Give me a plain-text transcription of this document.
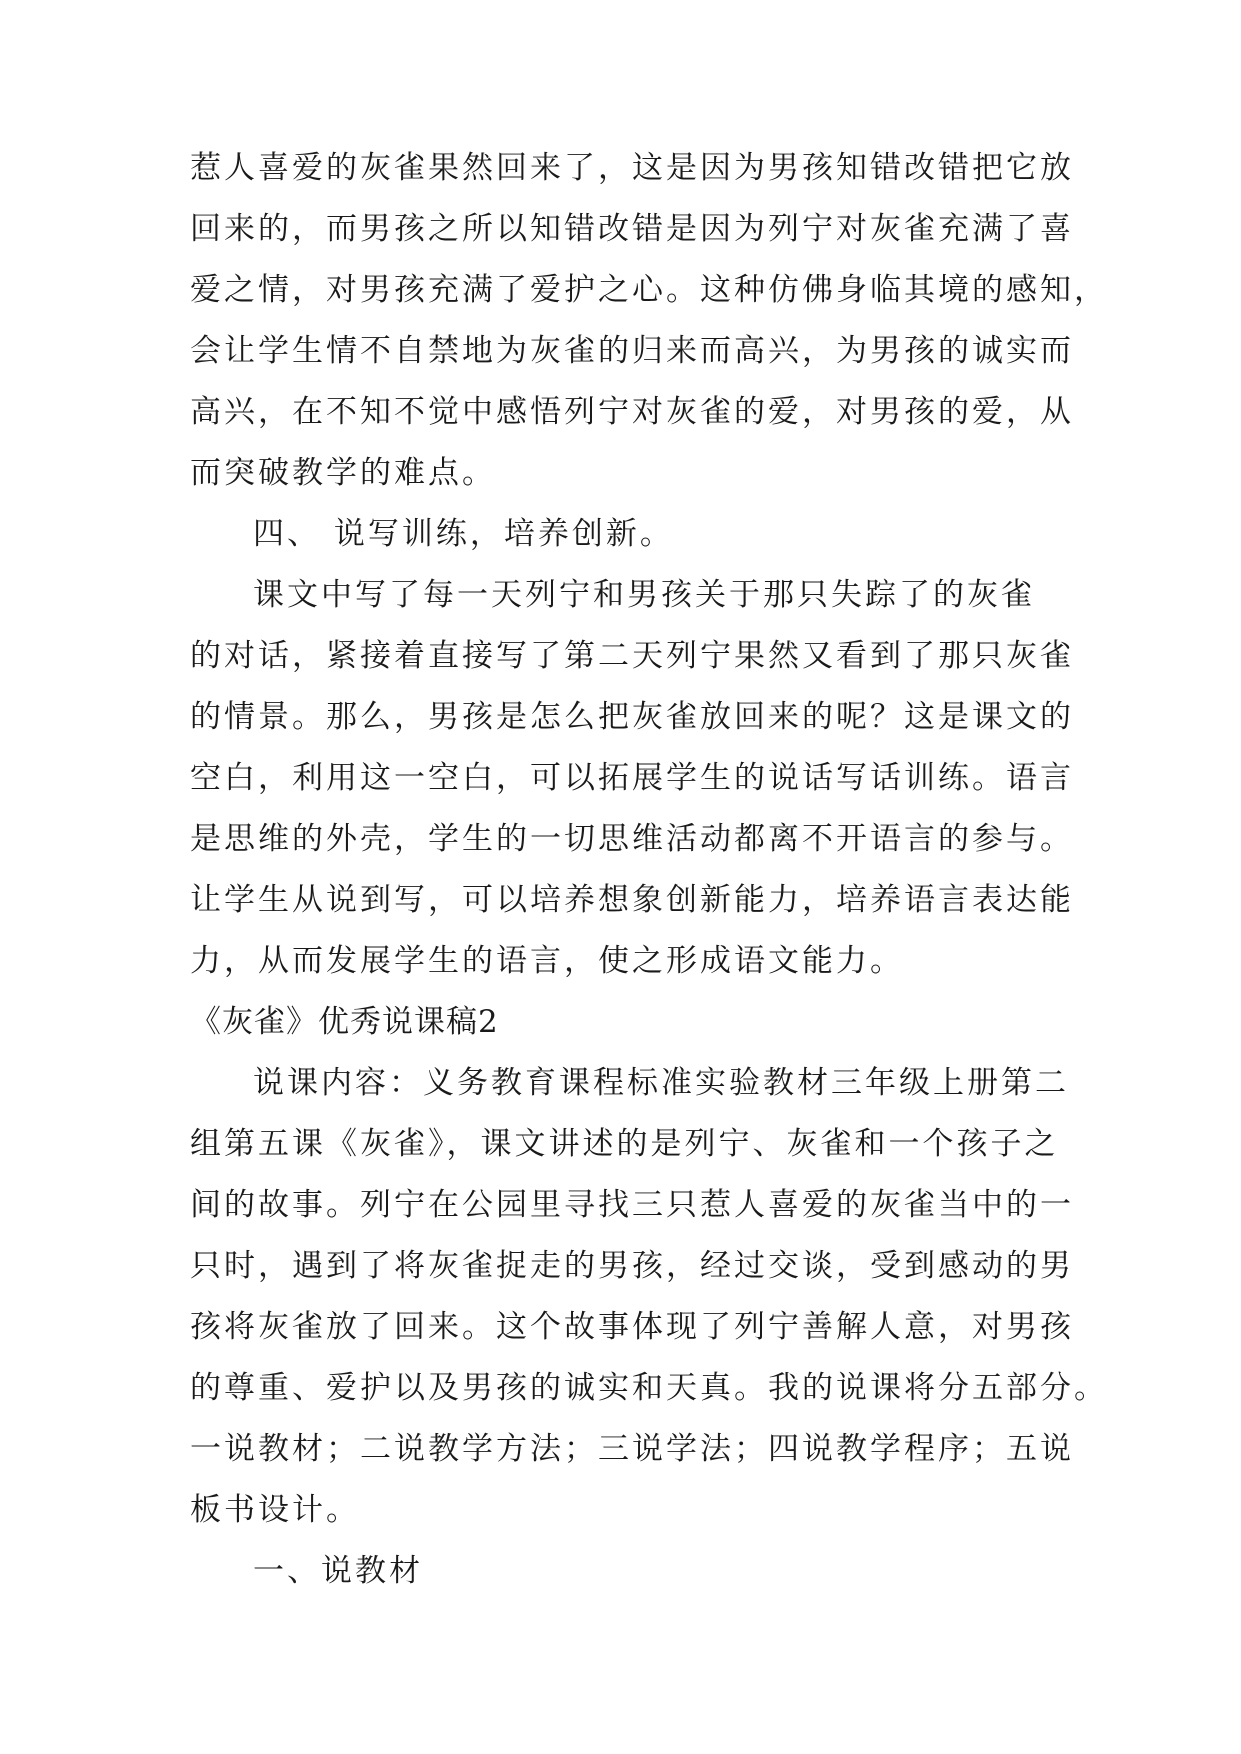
惹人喜爱的灰雀果然回来了，这是因为男孩知错改错把它放
回来的，而男孩之所以知错改错是因为列宁对灰雀充满了喜
爱之情，对男孩充满了爱护之心。这种仿佛身临其境的感知，
会让学生情不自禁地为灰雀的归来而高兴，为男孩的诚实而
高兴，在不知不觉中感悟列宁对灰雀的爱，对男孩的爱，从
而突破教学的难点。
四、 说写训练，培养创新。
课文中写了每一天列宁和男孩关于那只失踪了的灰雀
的对话，紧接着直接写了第二天列宁果然又看到了那只灰雀
的情景。那么，男孩是怎么把灰雀放回来的呢？这是课文的
空白，利用这一空白，可以拓展学生的说话写话训练。语言
是思维的外壳，学生的一切思维活动都离不开语言的参与。
让学生从说到写，可以培养想象创新能力，培养语言表达能
力，从而发展学生的语言，使之形成语文能力。
《灰雀》优秀说课稿2
说课内容：义务教育课程标准实验教材三年级上册第二
组第五课《灰雀》，课文讲述的是列宁、灰雀和一个孩子之
间的故事。列宁在公园里寻找三只惹人喜爱的灰雀当中的一
只时，遇到了将灰雀捉走的男孩，经过交谈，受到感动的男
孩将灰雀放了回来。这个故事体现了列宁善解人意，对男孩
的尊重、爱护以及男孩的诚实和天真。我的说课将分五部分。
一说教材；二说教学方法；三说学法；四说教学程序；五说
板书设计。
一、说教材
